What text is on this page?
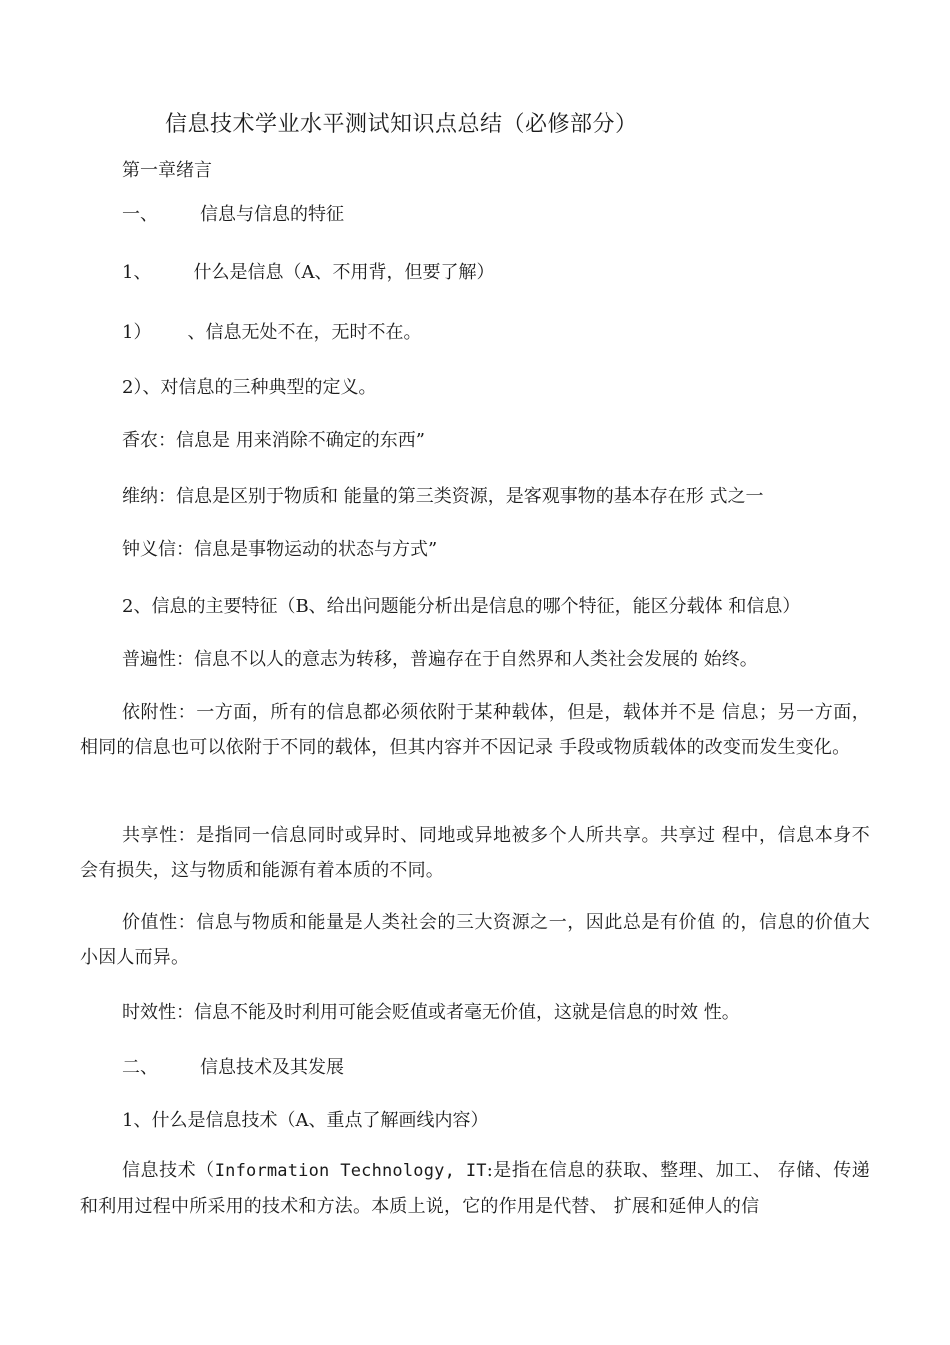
信息技术学业水平测试知识点总结（必修部分）
第一章绪言
一、 信息与信息的特征
1、 什么是信息（A、不用背，但要了解）
1） 、信息无处不在，无时不在。
2）、对信息的三种典型的定义。
香农：信息是 用来消除不确定的东西”
维纳：信息是区别于物质和 能量的第三类资源，是客观事物的基本存在形 式之一
钟义信：信息是事物运动的状态与方式”
2、信息的主要特征（B、给出问题能分析出是信息的哪个特征，能区分载体 和信息）
普遍性：信息不以人的意志为转移，普遍存在于自然界和人类社会发展的 始终。
依附性：一方面，所有的信息都必须依附于某种载体，但是，载体并不是 信息；另一方面，相同的信息也可以依附于不同的载体，但其内容并不因记录 手段或物质载体的改变而发生变化。
共享性：是指同一信息同时或异时、同地或异地被多个人所共享。共享过 程中，信息本身不会有损失，这与物质和能源有着本质的不同。
价值性：信息与物质和能量是人类社会的三大资源之一，因此总是有价值 的，信息的价值大小因人而异。
时效性：信息不能及时利用可能会贬值或者毫无价值，这就是信息的时效 性。
二、 信息技术及其发展
1、什么是信息技术（A、重点了解画线内容）
信息技术（Information Technology, IT:是指在信息的获取、整理、加工、 存储、传递和利用过程中所采用的技术和方法。本质上说，它的作用是代替、 扩展和延伸人的信
